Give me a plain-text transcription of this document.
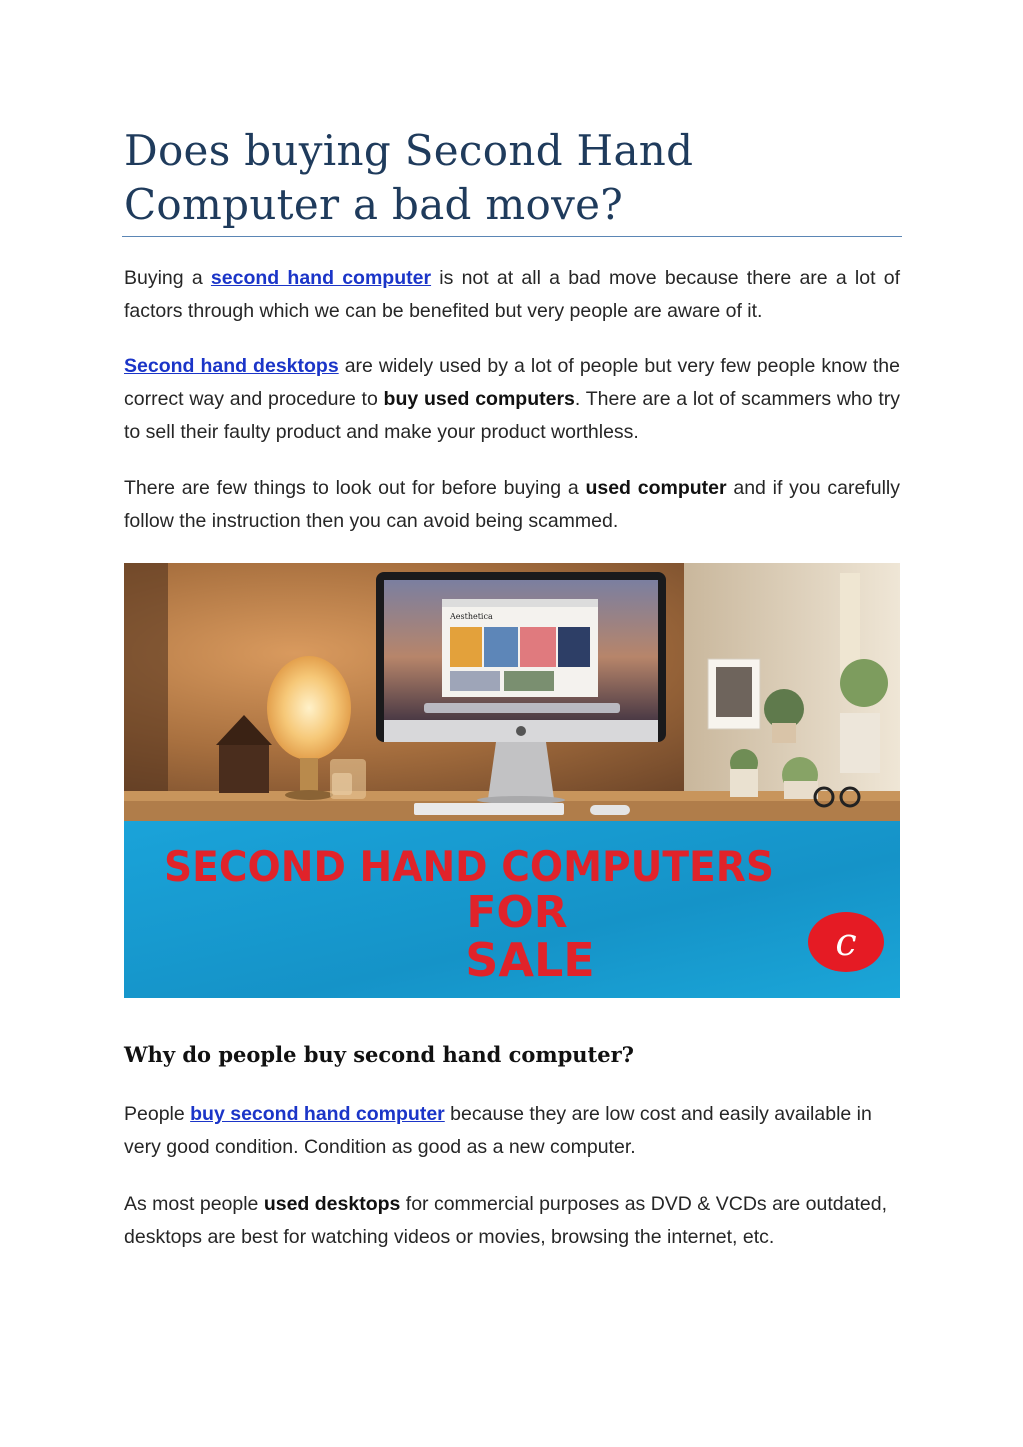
Does buying Second Hand Computer a bad move?

Buying a second hand computer is not at all a bad move because there are a lot of factors through which we can be benefited but very people are aware of it.

Second hand desktops are widely used by a lot of people but very few people know the correct way and procedure to buy used computers. There are a lot of scammers who try to sell their faulty product and make your product worthless.

There are few things to look out for before buying a used computer and if you carefully follow the instruction then you can avoid being scammed.

Aesthetica
SECOND HAND COMPUTERS
FOR
SALE	c
Why do people buy second hand computer?

People buy second hand computer because they are low cost and easily available in very good condition. Condition as good as a new computer.

As most people used desktops for commercial purposes as DVD & VCDs are outdated, desktops are best for watching videos or movies, browsing the internet, etc.
